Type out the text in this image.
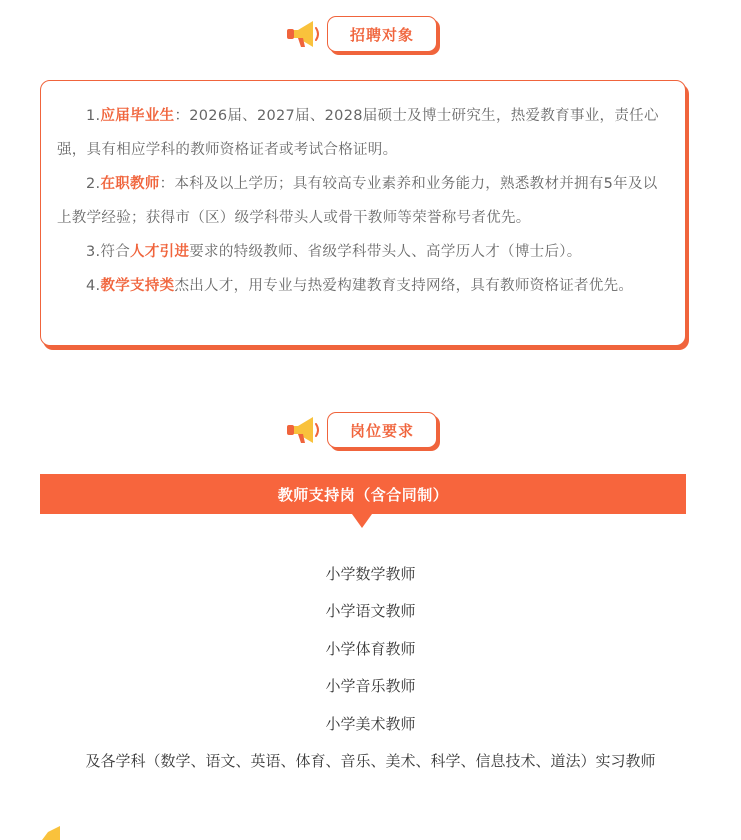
招聘对象

1.应届毕业生：2026届、2027届、2028届硕士及博士研究生，热爱教育事业，责任心强，具有相应学科的教师资格证者或考试合格证明。

2.在职教师：本科及以上学历；具有较高专业素养和业务能力，熟悉教材并拥有5年及以上教学经验；获得市（区）级学科带头人或骨干教师等荣誉称号者优先。

3.符合人才引进要求的特级教师、省级学科带头人、高学历人才（博士后）。

4.教学支持类杰出人才，用专业与热爱构建教育支持网络，具有教师资格证者优先。

岗位要求
教师支持岗（含合同制）
小学数学教师
小学语文教师
小学体育教师
小学音乐教师
小学美术教师
及各学科（数学、语文、英语、体育、音乐、美术、科学、信息技术、道法）实习教师
